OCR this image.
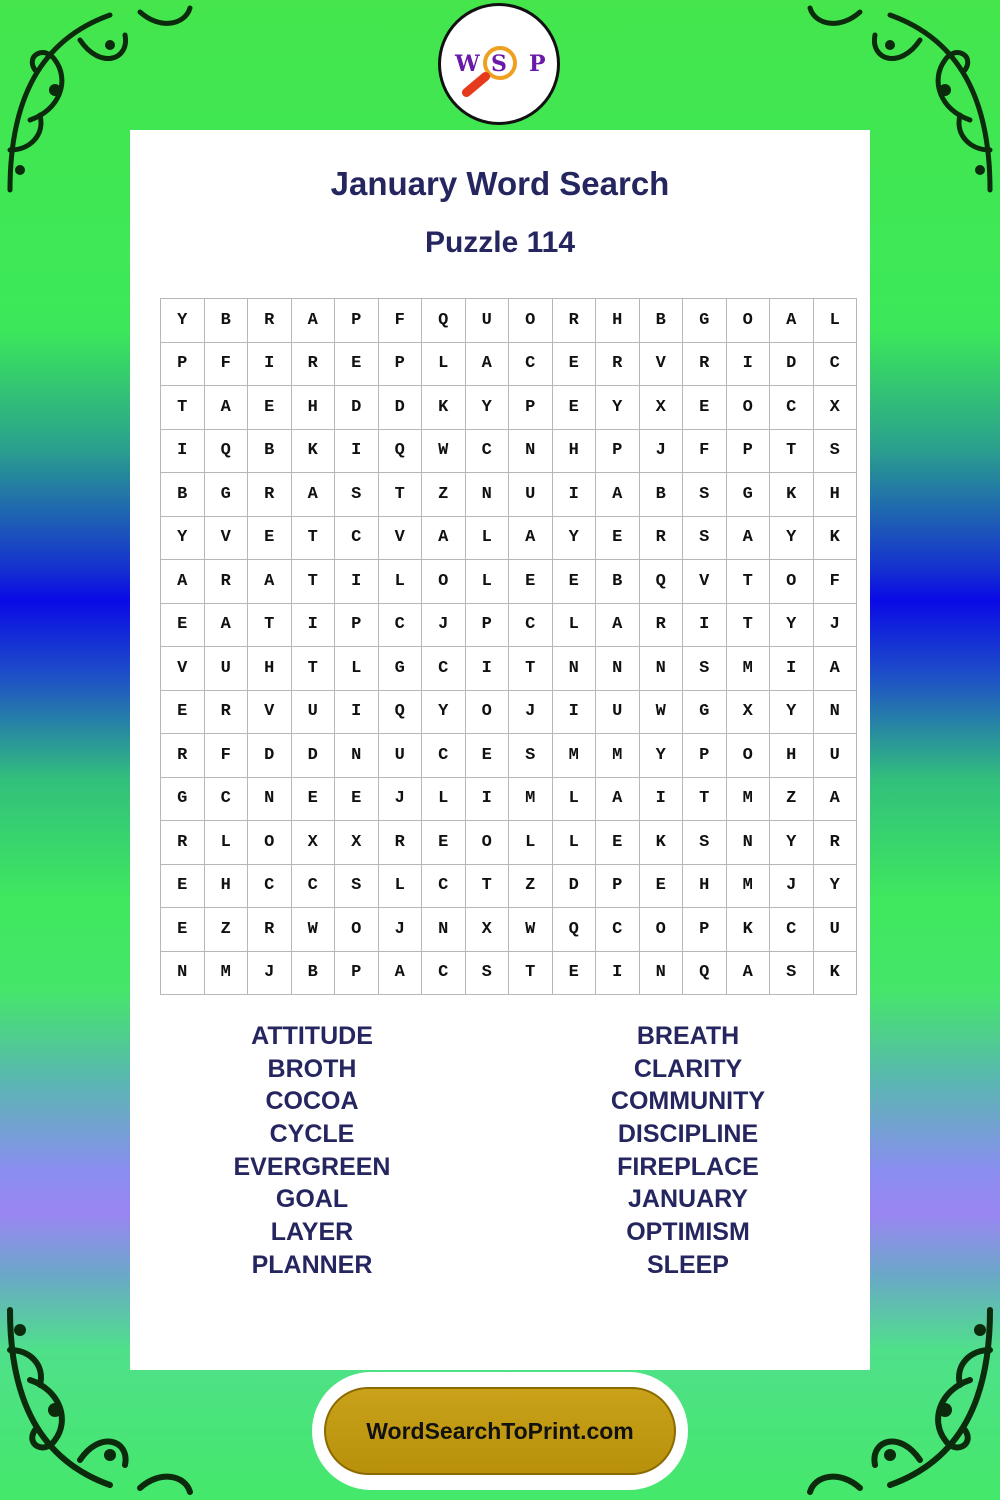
W S P
January Word Search
Puzzle 114
Y	B	R	A	P	F	Q	U	O	R	H	B	G	O	A	L
P	F	I	R	E	P	L	A	C	E	R	V	R	I	D	C
T	A	E	H	D	D	K	Y	P	E	Y	X	E	O	C	X
I	Q	B	K	I	Q	W	C	N	H	P	J	F	P	T	S
B	G	R	A	S	T	Z	N	U	I	A	B	S	G	K	H
Y	V	E	T	C	V	A	L	A	Y	E	R	S	A	Y	K
A	R	A	T	I	L	O	L	E	E	B	Q	V	T	O	F
E	A	T	I	P	C	J	P	C	L	A	R	I	T	Y	J
V	U	H	T	L	G	C	I	T	N	N	N	S	M	I	A
E	R	V	U	I	Q	Y	O	J	I	U	W	G	X	Y	N
R	F	D	D	N	U	C	E	S	M	M	Y	P	O	H	U
G	C	N	E	E	J	L	I	M	L	A	I	T	M	Z	A
R	L	O	X	X	R	E	O	L	L	E	K	S	N	Y	R
E	H	C	C	S	L	C	T	Z	D	P	E	H	M	J	Y
E	Z	R	W	O	J	N	X	W	Q	C	O	P	K	C	U
N	M	J	B	P	A	C	S	T	E	I	N	Q	A	S	K
ATTITUDE
BROTH
COCOA
CYCLE
EVERGREEN
GOAL
LAYER
PLANNER
BREATH
CLARITY
COMMUNITY
DISCIPLINE
FIREPLACE
JANUARY
OPTIMISM
SLEEP
WordSearchToPrint.com
